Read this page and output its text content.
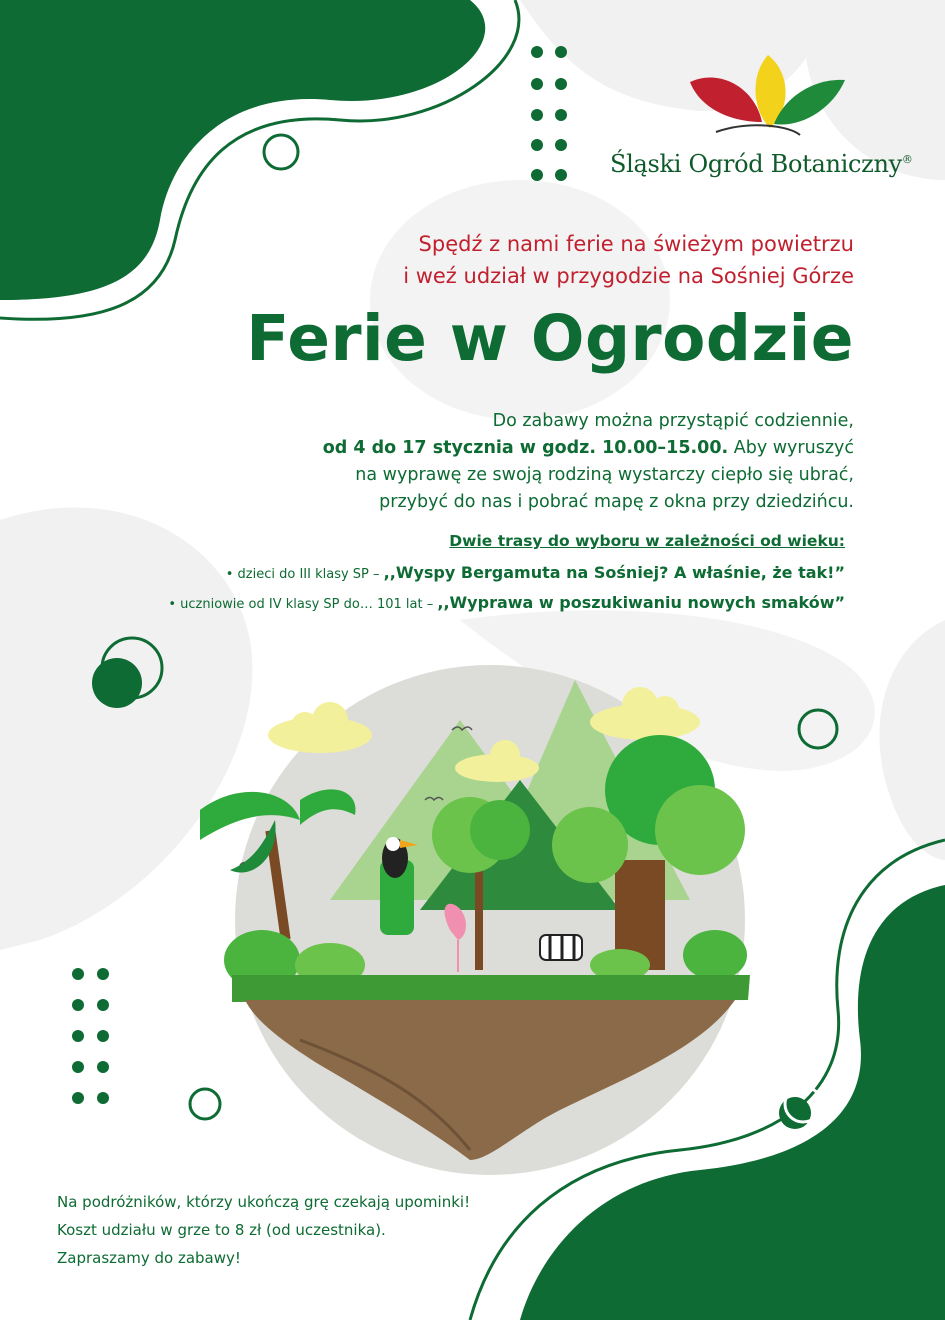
Śląski Ogród Botaniczny®
Spędź z nami ferie na świeżym powietrzu
i weź udział w przygodzie na Sośniej Górze
Ferie w Ogrodzie
Do zabawy można przystąpić codziennie,
od 4 do 17 stycznia w godz. 10.00–15.00. Aby wyruszyć
na wyprawę ze swoją rodziną wystarczy ciepło się ubrać,
przybyć do nas i pobrać mapę z okna przy dziedzińcu.
Dwie trasy do wyboru w zależności od wieku:
• dzieci do III klasy SP – ,,Wyspy Bergamuta na Sośniej? A właśnie, że tak!”
• uczniowie od IV klasy SP do… 101 lat – ,,Wyprawa w poszukiwaniu nowych smaków”
Na podróżników, którzy ukończą grę czekają upominki!
Koszt udziału w grze to 8 zł (od uczestnika).
Zapraszamy do zabawy!
